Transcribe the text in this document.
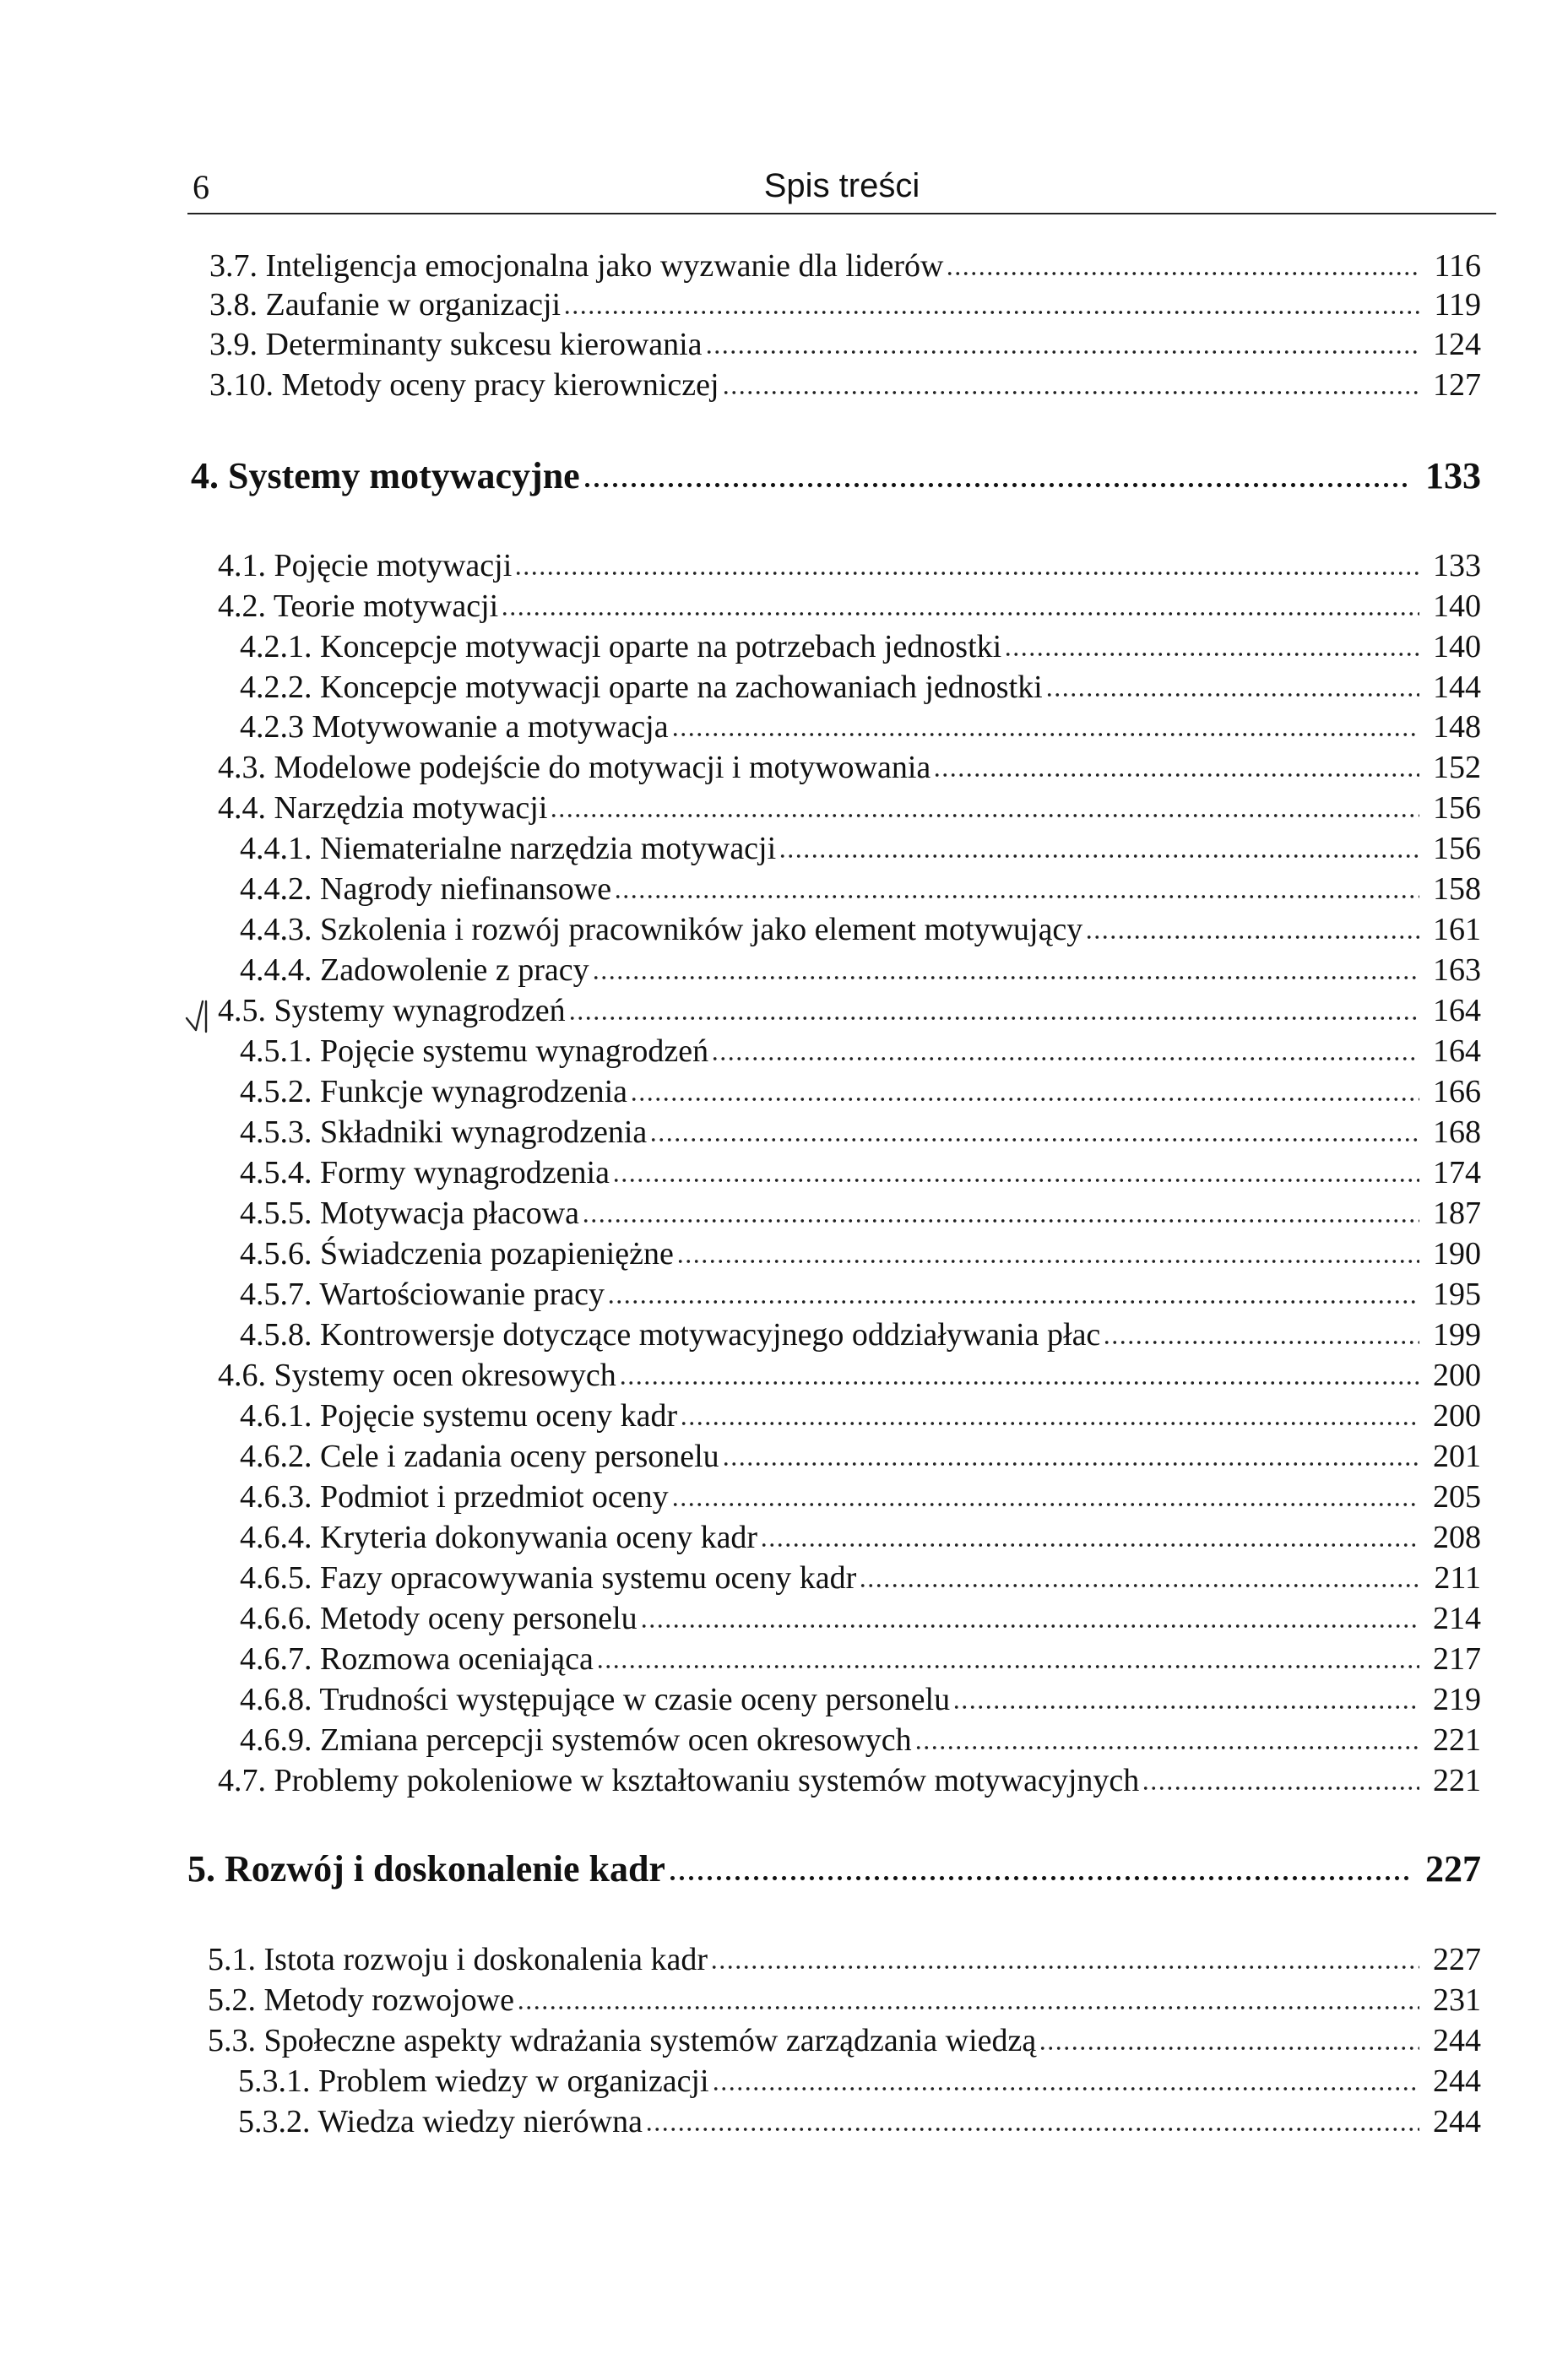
6	Spis treści
3.7. Inteligencja emocjonalna jako wyzwanie dla liderów	116
3.8. Zaufanie w organizacji	119
3.9. Determinanty sukcesu kierowania	124
3.10. Metody oceny pracy kierowniczej	127
4. Systemy motywacyjne	133
4.1. Pojęcie motywacji	133
4.2. Teorie motywacji	140
4.2.1. Koncepcje motywacji oparte na potrzebach jednostki	140
4.2.2. Koncepcje motywacji oparte na zachowaniach jednostki	144
4.2.3 Motywowanie a motywacja	148
4.3. Modelowe podejście do motywacji i motywowania	152
4.4. Narzędzia motywacji	156
4.4.1. Niematerialne narzędzia motywacji	156
4.4.2. Nagrody niefinansowe	158
4.4.3. Szkolenia i rozwój pracowników jako element motywujący	161
4.4.4. Zadowolenie z pracy	163
4.5. Systemy wynagrodzeń	164
4.5.1. Pojęcie systemu wynagrodzeń	164
4.5.2. Funkcje wynagrodzenia	166
4.5.3. Składniki wynagrodzenia	168
4.5.4. Formy wynagrodzenia	174
4.5.5. Motywacja płacowa	187
4.5.6. Świadczenia pozapieniężne	190
4.5.7. Wartościowanie pracy	195
4.5.8. Kontrowersje dotyczące motywacyjnego oddziaływania płac	199
4.6. Systemy ocen okresowych	200
4.6.1. Pojęcie systemu oceny kadr	200
4.6.2. Cele i zadania oceny personelu	201
4.6.3. Podmiot i przedmiot oceny	205
4.6.4. Kryteria dokonywania oceny kadr	208
4.6.5. Fazy opracowywania systemu oceny kadr	211
4.6.6. Metody oceny personelu	214
4.6.7. Rozmowa oceniająca	217
4.6.8. Trudności występujące w czasie oceny personelu	219
4.6.9. Zmiana percepcji systemów ocen okresowych	221
4.7. Problemy pokoleniowe w kształtowaniu systemów motywacyjnych	221
5. Rozwój i doskonalenie kadr	227
5.1. Istota rozwoju i doskonalenia kadr	227
5.2. Metody rozwojowe	231
5.3. Społeczne aspekty wdrażania systemów zarządzania wiedzą	244
5.3.1. Problem wiedzy w organizacji	244
5.3.2. Wiedza wiedzy nierówna	244
